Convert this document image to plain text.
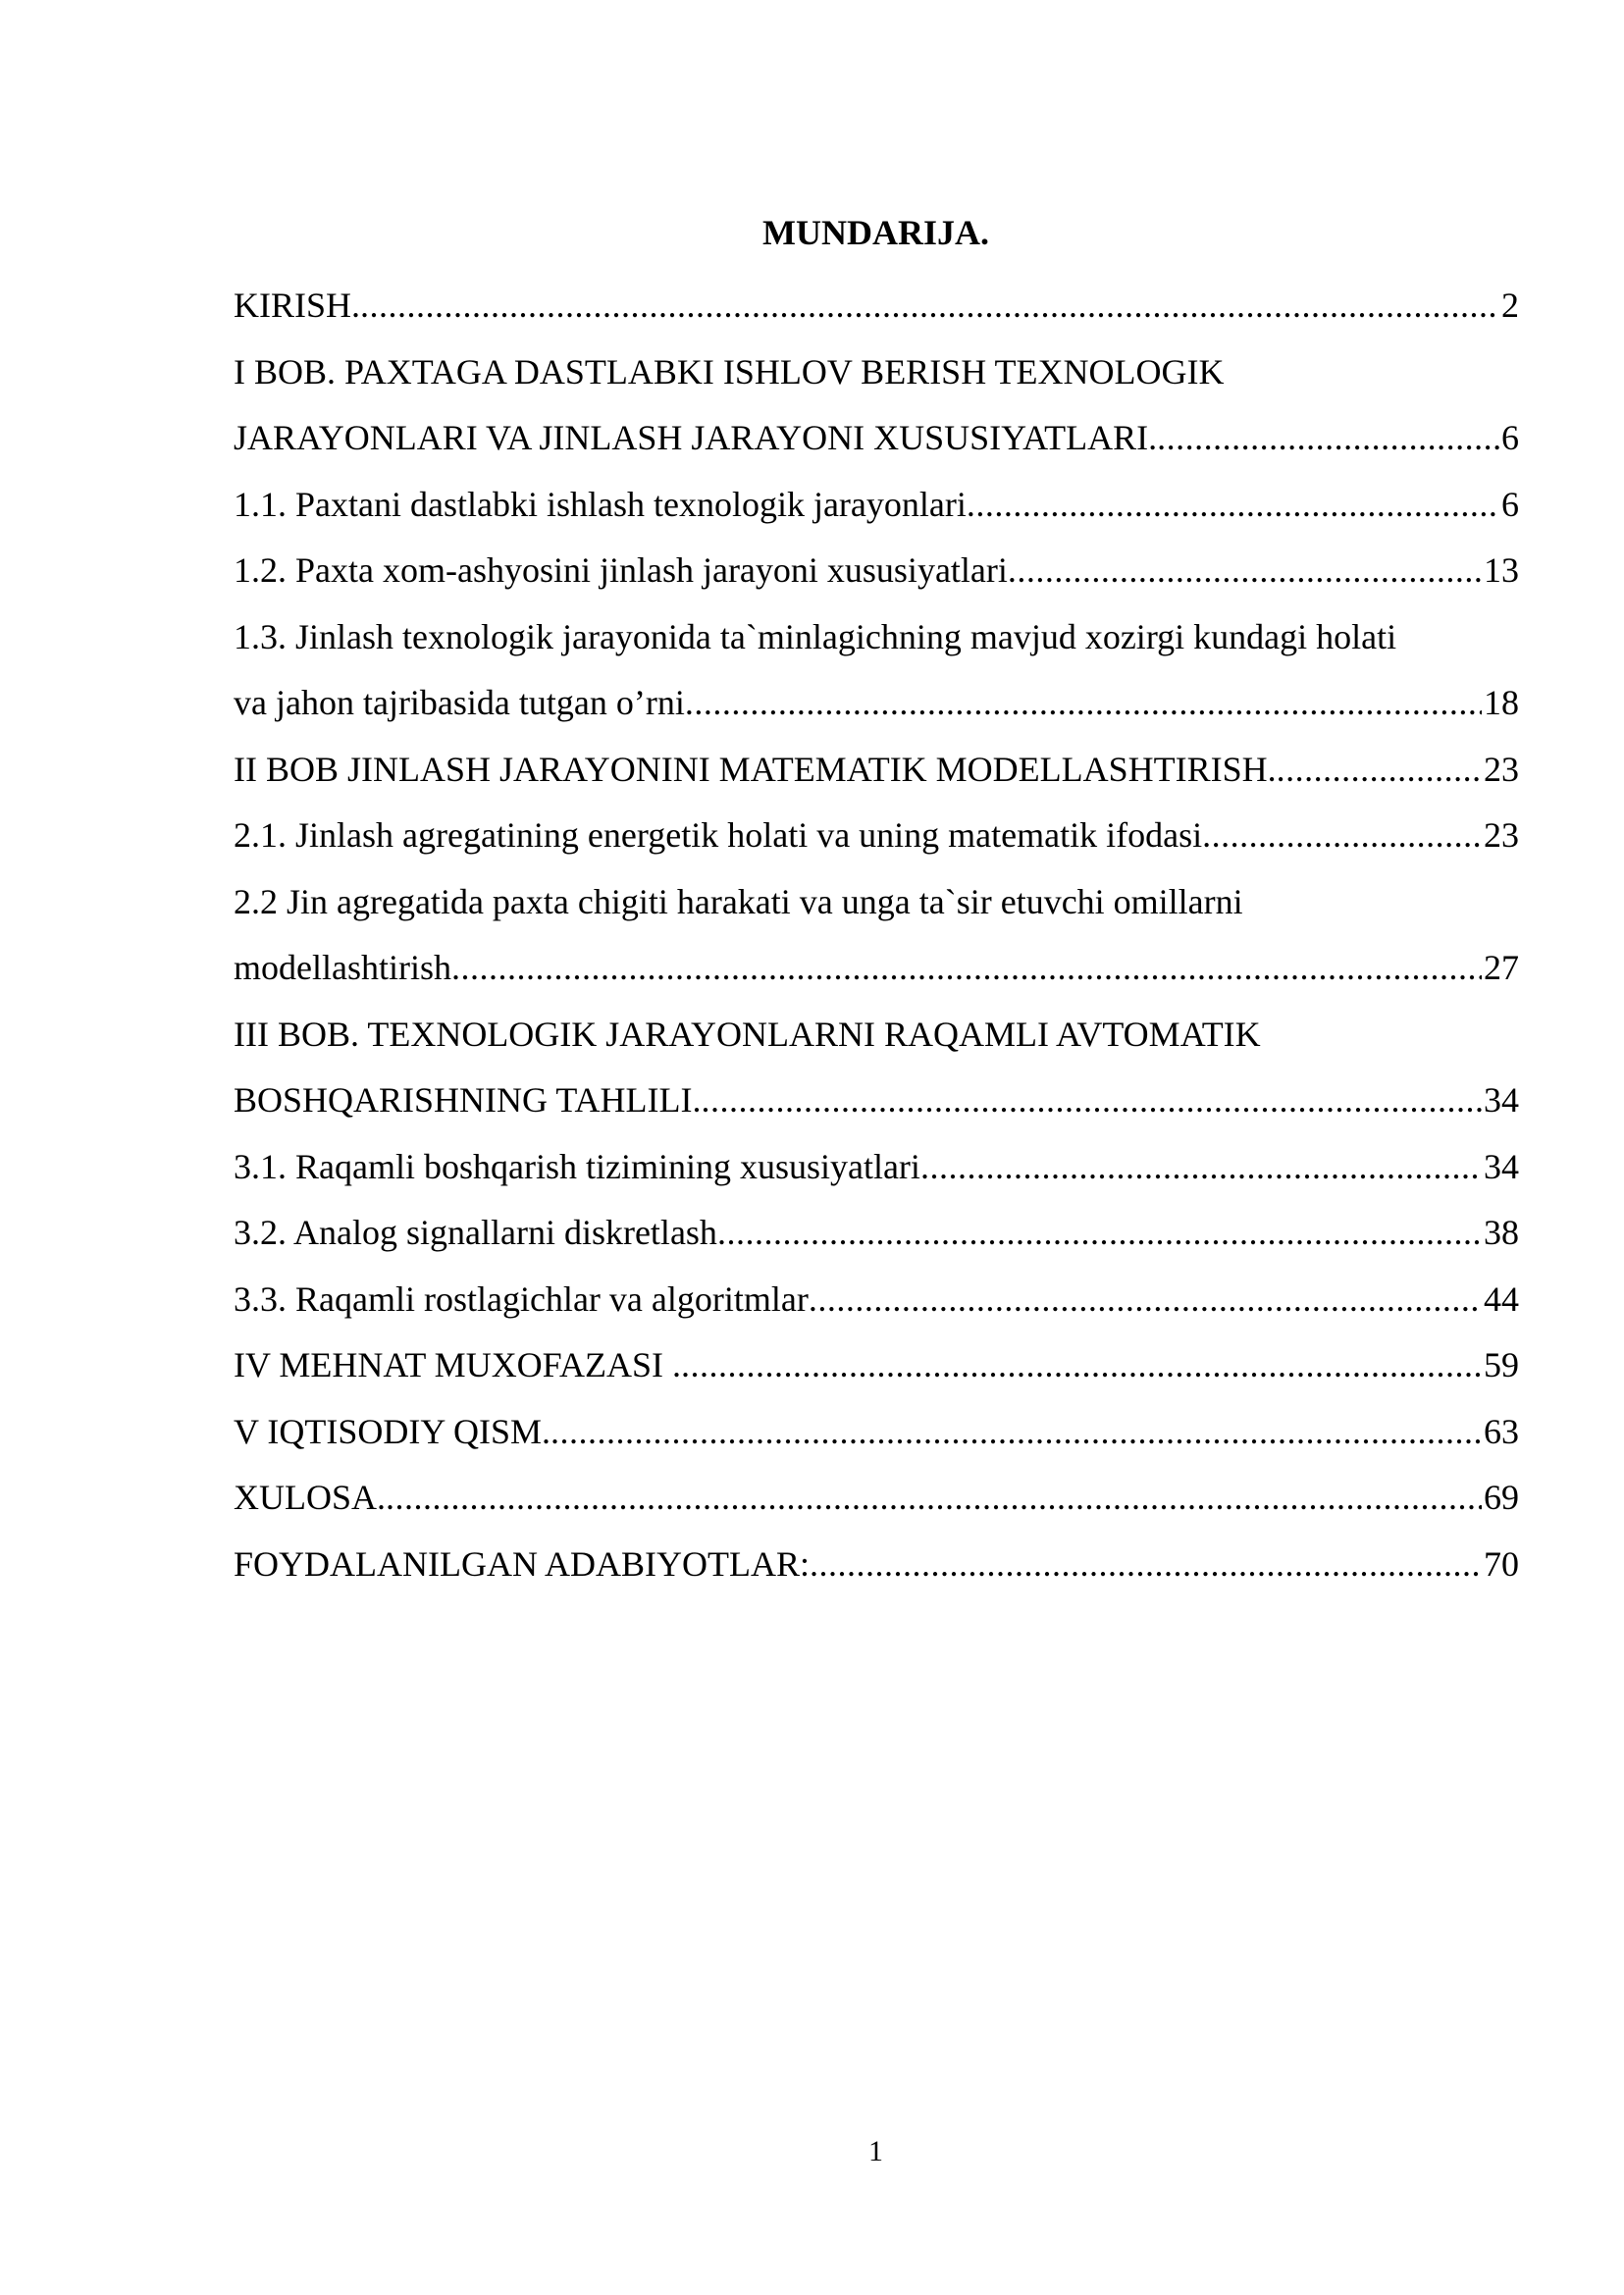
MUNDARIJA.
KIRISH. .....	2
I BOB. PAXTAGA DASTLABKI ISHLOV BERISH TEXNOLOGIK
JARAYONLARI VA JINLASH JARAYONI XUSUSIYATLARI. .....	6
1.1. Paxtani dastlabki ishlash texnologik jarayonlari .....	6
1.2. Paxta xom-ashyosini jinlash jarayoni xususiyatlari .....	13
1.3. Jinlash texnologik jarayonida ta`minlagichning mavjud xozirgi kundagi holati
va jahon tajribasida tutgan o’rni .....	18
II BOB JINLASH JARAYONINI MATEMATIK MODELLASHTIRISH. .....	23
2.1. Jinlash agregatining energetik holati va uning matematik ifodasi .....	23
2.2 Jin agregatida paxta chigiti harakati va unga ta`sir etuvchi omillarni
modellashtirish .....	27
III BOB. TEXNOLOGIK JARAYONLARNI RAQAMLI AVTOMATIK
BOSHQARISHNING TAHLILI. .....	34
3.1. Raqamli boshqarish tizimining xususiyatlari .....	34
3.2. Analog signallarni diskretlash .....	38
3.3. Raqamli rostlagichlar va algoritmlar .....	44
IV MEHNAT MUXOFAZASI . .....	59
V IQTISODIY QISM. .....	63
XULOSA. .....	69
FOYDALANILGAN ADABIYOTLAR: .....	70
1
